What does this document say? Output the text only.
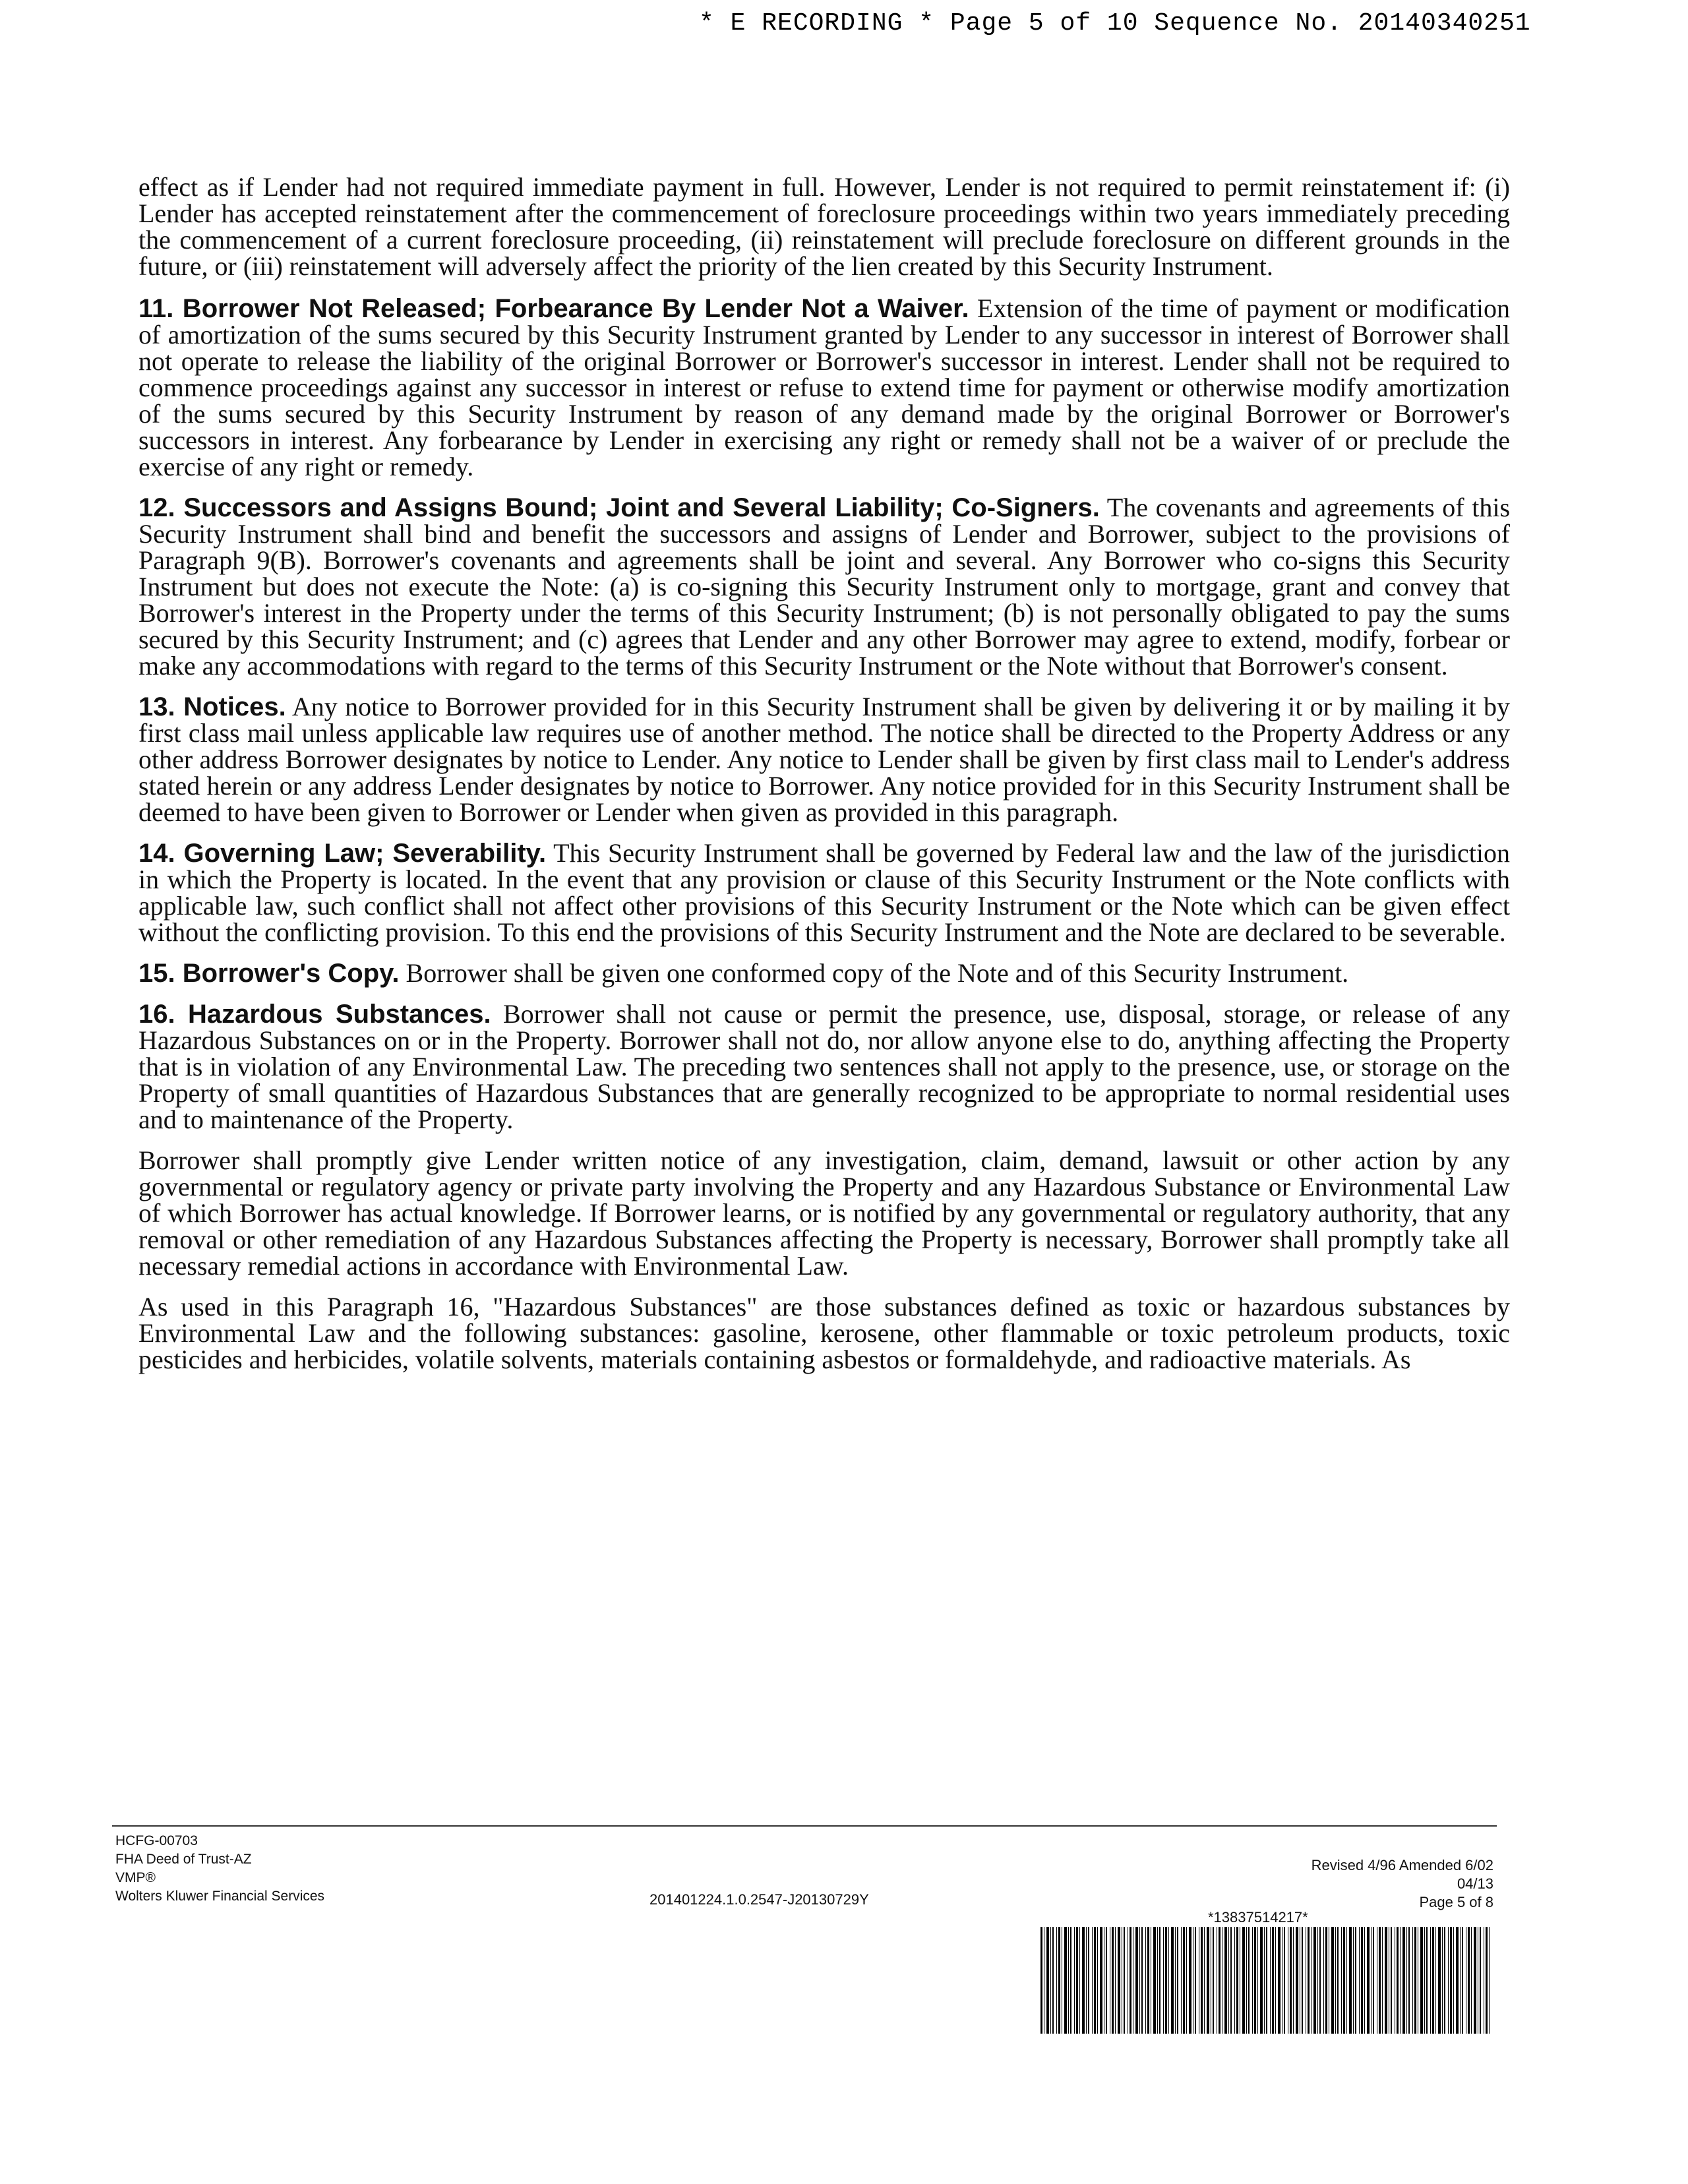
* E RECORDING * Page 5 of 10 Sequence No. 20140340251

effect as if Lender had not required immediate payment in full. However, Lender is not required to permit reinstatement if: (i) Lender has accepted reinstatement after the commencement of foreclosure proceedings within two years immediately preceding the commencement of a current foreclosure proceeding, (ii) reinstatement will preclude foreclosure on different grounds in the future, or (iii) reinstatement will adversely affect the priority of the lien created by this Security Instrument.

11. Borrower Not Released; Forbearance By Lender Not a Waiver. Extension of the time of payment or modification of amortization of the sums secured by this Security Instrument granted by Lender to any successor in interest of Borrower shall not operate to release the liability of the original Borrower or Borrower's successor in interest. Lender shall not be required to commence proceedings against any successor in interest or refuse to extend time for payment or otherwise modify amortization of the sums secured by this Security Instrument by reason of any demand made by the original Borrower or Borrower's successors in interest. Any forbearance by Lender in exercising any right or remedy shall not be a waiver of or preclude the exercise of any right or remedy.

12. Successors and Assigns Bound; Joint and Several Liability; Co-Signers. The covenants and agreements of this Security Instrument shall bind and benefit the successors and assigns of Lender and Borrower, subject to the provisions of Paragraph 9(B). Borrower's covenants and agreements shall be joint and several. Any Borrower who co-signs this Security Instrument but does not execute the Note: (a) is co-signing this Security Instrument only to mortgage, grant and convey that Borrower's interest in the Property under the terms of this Security Instrument; (b) is not personally obligated to pay the sums secured by this Security Instrument; and (c) agrees that Lender and any other Borrower may agree to extend, modify, forbear or make any accommodations with regard to the terms of this Security Instrument or the Note without that Borrower's consent.

13. Notices. Any notice to Borrower provided for in this Security Instrument shall be given by delivering it or by mailing it by first class mail unless applicable law requires use of another method. The notice shall be directed to the Property Address or any other address Borrower designates by notice to Lender. Any notice to Lender shall be given by first class mail to Lender's address stated herein or any address Lender designates by notice to Borrower. Any notice provided for in this Security Instrument shall be deemed to have been given to Borrower or Lender when given as provided in this paragraph.

14. Governing Law; Severability. This Security Instrument shall be governed by Federal law and the law of the jurisdiction in which the Property is located. In the event that any provision or clause of this Security Instrument or the Note conflicts with applicable law, such conflict shall not affect other provisions of this Security Instrument or the Note which can be given effect without the conflicting provision. To this end the provisions of this Security Instrument and the Note are declared to be severable.

15. Borrower's Copy. Borrower shall be given one conformed copy of the Note and of this Security Instrument.

16. Hazardous Substances. Borrower shall not cause or permit the presence, use, disposal, storage, or release of any Hazardous Substances on or in the Property. Borrower shall not do, nor allow anyone else to do, anything affecting the Property that is in violation of any Environmental Law. The preceding two sentences shall not apply to the presence, use, or storage on the Property of small quantities of Hazardous Substances that are generally recognized to be appropriate to normal residential uses and to maintenance of the Property.

Borrower shall promptly give Lender written notice of any investigation, claim, demand, lawsuit or other action by any governmental or regulatory agency or private party involving the Property and any Hazardous Substance or Environmental Law of which Borrower has actual knowledge. If Borrower learns, or is notified by any governmental or regulatory authority, that any removal or other remediation of any Hazardous Substances affecting the Property is necessary, Borrower shall promptly take all necessary remedial actions in accordance with Environmental Law.

As used in this Paragraph 16, "Hazardous Substances" are those substances defined as toxic or hazardous substances by Environmental Law and the following substances: gasoline, kerosene, other flammable or toxic petroleum products, toxic pesticides and herbicides, volatile solvents, materials containing asbestos or formaldehyde, and radioactive materials. As

HCFG-00703
FHA Deed of Trust-AZ
VMP®
Wolters Kluwer Financial Services	201401224.1.0.2547-J20130729Y
Revised 4/96 Amended 6/02
04/13
Page 5 of 8
*13837514217*
